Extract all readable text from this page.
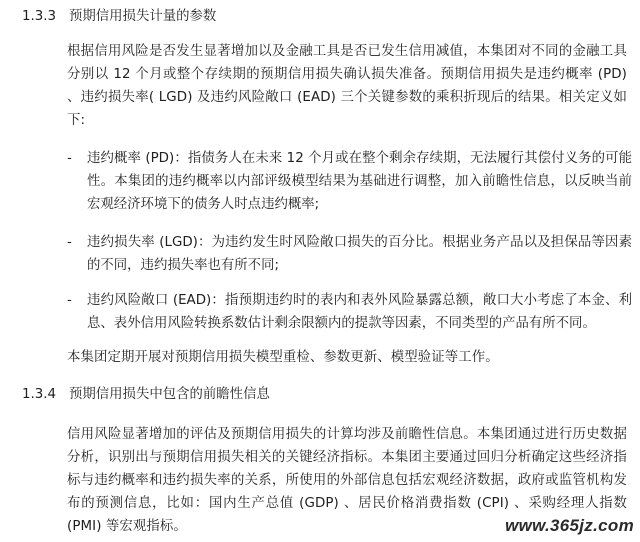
1.3.3 预期信用损失计量的参数
根据信用风险是否发生显著增加以及金融工具是否已发生信用减值，本集团对不同的金融工具分别以 12 个月或整个存续期的预期信用损失确认损失准备。预期信用损失是违约概率 (PD) 、违约损失率( LGD) 及违约风险敞口 (EAD) 三个关键参数的乘积折现后的结果。相关定义如下:
-	违约概率 (PD)：指债务人在未来 12 个月或在整个剩余存续期，无法履行其偿付义务的可能性。本集团的违约概率以内部评级模型结果为基础进行调整，加入前瞻性信息，以反映当前宏观经济环境下的债务人时点违约概率;
-	违约损失率 (LGD)：为违约发生时风险敞口损失的百分比。根据业务产品以及担保品等因素的不同，违约损失率也有所不同;
-	违约风险敞口 (EAD)：指预期违约时的表内和表外风险暴露总额，敞口大小考虑了本金、利息、表外信用风险转换系数估计剩余限额内的提款等因素，不同类型的产品有所不同。
本集团定期开展对预期信用损失模型重检、参数更新、模型验证等工作。
1.3.4 预期信用损失中包含的前瞻性信息
信用风险显著增加的评估及预期信用损失的计算均涉及前瞻性信息。本集团通过进行历史数据分析，识别出与预期信用损失相关的关键经济指标。本集团主要通过回归分析确定这些经济指标与违约概率和违约损失率的关系，所使用的外部信息包括宏观经济数据，政府或监管机构发布的预测信息，比如：国内生产总值 (GDP) 、居民价格消费指数 (CPI) 、采购经理人指数 (PMI) 等宏观指标。	www.365jz.com
